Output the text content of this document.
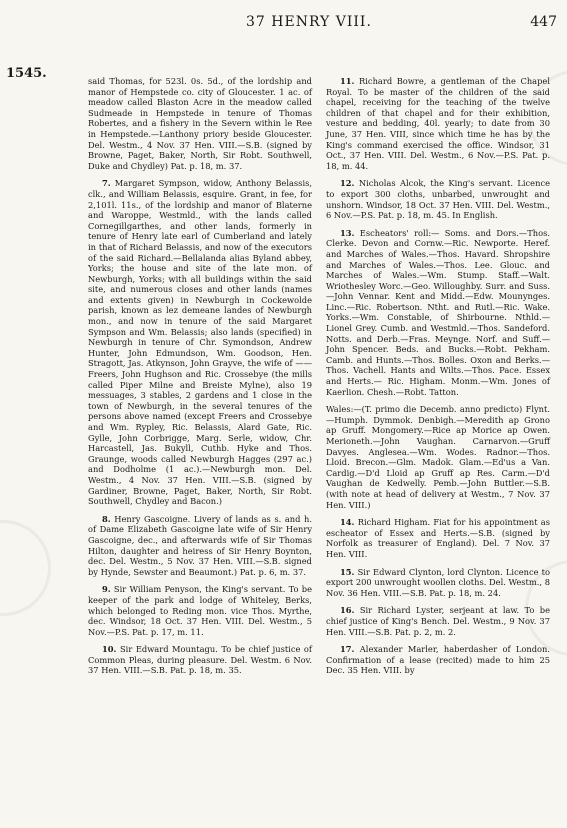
37 HENRY VIII.	447
1545.	said Thomas, for 523l. 0s. 5d., of the lordship and manor of Hempstede co. city of Gloucester. 1 ac. of meadow called Blaston Acre in the meadow called Sudmeade in Hempstede in tenure of Thomas Robertes, and a fishery in the Severn within le Ree in Hempstede.—Lanthony priory beside Gloucester. Del. Westm., 4 Nov. 37 Hen. VIII.—S.B. (signed by Browne, Paget, Baker, North, Sir Robt. Southwell, Duke and Chydley) Pat. p. 18, m. 37.

7. Margaret Sympson, widow, Anthony Belassis, clk., and William Belassis, esquire. Grant, in fee, for 2,101l. 11s., of the lordship and manor of Blaterne and Waroppe, Westmld., with the lands called Cornegillgarthes, and other lands, formerly in tenure of Henry late earl of Cumberland and lately in that of Richard Belassis, and now of the executors of the said Richard.—Bellalanda alias Byland abbey, Yorks; the house and site of the late mon. of Newburgh, Yorks; with all buildings within the said site, and numerous closes and other lands (names and extents given) in Newburgh in Cockewolde parish, known as lez demeane landes of Newburgh mon., and now in tenure of the said Margaret Sympson and Wm. Belassis; also lands (specified) in Newburgh in tenure of Chr. Symondson, Andrew Hunter, John Edmundson, Wm. Goodson, Hen. Stragott, Jas. Atkynson, John Grayve, the wife of —— Freers, John Hughson and Ric. Crossebye (the mills called Piper Milne and Breiste Mylne), also 19 messuages, 3 stables, 2 gardens and 1 close in the town of Newburgh, in the several tenures of the persons above named (except Freers and Crossebye and Wm. Rypley, Ric. Belassis, Alard Gate, Ric. Gylle, John Corbrigge, Marg. Serle, widow, Chr. Harcastell, Jas. Bukyll, Cuthb. Hyke and Thos. Graunge, woods called Newburgh Hagges (297 ac.) and Dodholme (1 ac.).—Newburgh mon. Del. Westm., 4 Nov. 37 Hen. VIII.—S.B. (signed by Gardiner, Browne, Paget, Baker, North, Sir Robt. Southwell, Chydley and Bacon.)

8. Henry Gascoigne. Livery of lands as s. and h. of Dame Elizabeth Gascoigne late wife of Sir Henry Gascoigne, dec., and afterwards wife of Sir Thomas Hilton, daughter and heiress of Sir Henry Boynton, dec. Del. Westm., 5 Nov. 37 Hen. VIII.—S.B. signed by Hynde, Sewster and Beaumont.) Pat. p. 6, m. 37.

9. Sir William Penyson, the King's servant. To be keeper of the park and lodge of Whiteley, Berks, which belonged to Reding mon. vice Thos. Myrthe, dec. Windsor, 18 Oct. 37 Hen. VIII. Del. Westm., 5 Nov.—P.S. Pat. p. 17, m. 11.

10. Sir Edward Mountagu. To be chief justice of Common Pleas, during pleasure. Del. Westm. 6 Nov. 37 Hen. VIII.—S.B. Pat. p. 18, m. 35.

11. Richard Bowre, a gentleman of the Chapel Royal. To be master of the children of the said chapel, receiving for the teaching of the twelve children of that chapel and for their exhibition, vesture and bedding, 40l. yearly; to date from 30 June, 37 Hen. VIII, since which time he has by the King's command exercised the office. Windsor, 31 Oct., 37 Hen. VIII. Del. Westm., 6 Nov.—P.S. Pat. p. 18, m. 44.

12. Nicholas Alcok, the King's servant. Licence to export 300 cloths, unbarbed, unwrought and unshorn. Windsor, 18 Oct. 37 Hen. VIII. Del. Westm., 6 Nov.—P.S. Pat. p. 18, m. 45. In English.

13. Escheators' roll:— Soms. and Dors.—Thos. Clerke. Devon and Cornw.—Ric. Newporte. Heref. and Marches of Wales.—Thos. Havard. Shropshire and Marches of Wales.—Thos. Lee. Glouc. and Marches of Wales.—Wm. Stump. Staff.—Walt. Wriothesley Worc.—Geo. Willoughby. Surr. and Suss.—John Vennar. Kent and Midd.—Edw. Mounynges. Linc.—Ric. Robertson. Ntht. and Rutl.—Ric. Wake. Yorks.—Wm. Constable, of Shirbourne. Nthld.—Lionel Grey. Cumb. and Westmld.—Thos. Sandeford. Notts. and Derb.—Fras. Meynge. Norf. and Suff.—John Spencer. Beds. and Bucks.—Robt. Pekham. Camb. and Hunts.—Thos. Bolles. Oxon and Berks.—Thos. Vachell. Hants and Wilts.—Thos. Pace. Essex and Herts.— Ric. Higham. Monm.—Wm. Jones of Kaerlion. Chesh.—Robt. Tatton.

Wales:—(T. primo die Decemb. anno predicto) Flynt.—Humph. Dymmok. Denbigh.—Meredith ap Grono ap Gruff. Mongomery.—Rice ap Morice ap Owen. Merioneth.—John Vaughan. Carnarvon.—Gruff Davyes. Anglesea.—Wm. Wodes. Radnor.—Thos. Lloid. Brecon.—Glm. Madok. Glam.—Ed'us a Van. Cardig.—D'd Lloid ap Gruff ap Res. Carm.—D'd Vaughan de Kedwelly. Pemb.—John Buttler.—S.B. (with note at head of delivery at Westm., 7 Nov. 37 Hen. VIII.)

14. Richard Higham. Fiat for his appointment as escheator of Essex and Herts.—S.B. (signed by Norfolk as treasurer of England). Del. 7 Nov. 37 Hen. VIII.

15. Sir Edward Clynton, lord Clynton. Licence to export 200 unwrought woollen cloths. Del. Westm., 8 Nov. 36 Hen. VIII.—S.B. Pat. p. 18, m. 24.

16. Sir Richard Lyster, serjeant at law. To be chief justice of King's Bench. Del. Westm., 9 Nov. 37 Hen. VIII.—S.B. Pat. p. 2, m. 2.

17. Alexander Marler, haberdasher of London. Confirmation of a lease (recited) made to him 25 Dec. 35 Hen. VIII. by
